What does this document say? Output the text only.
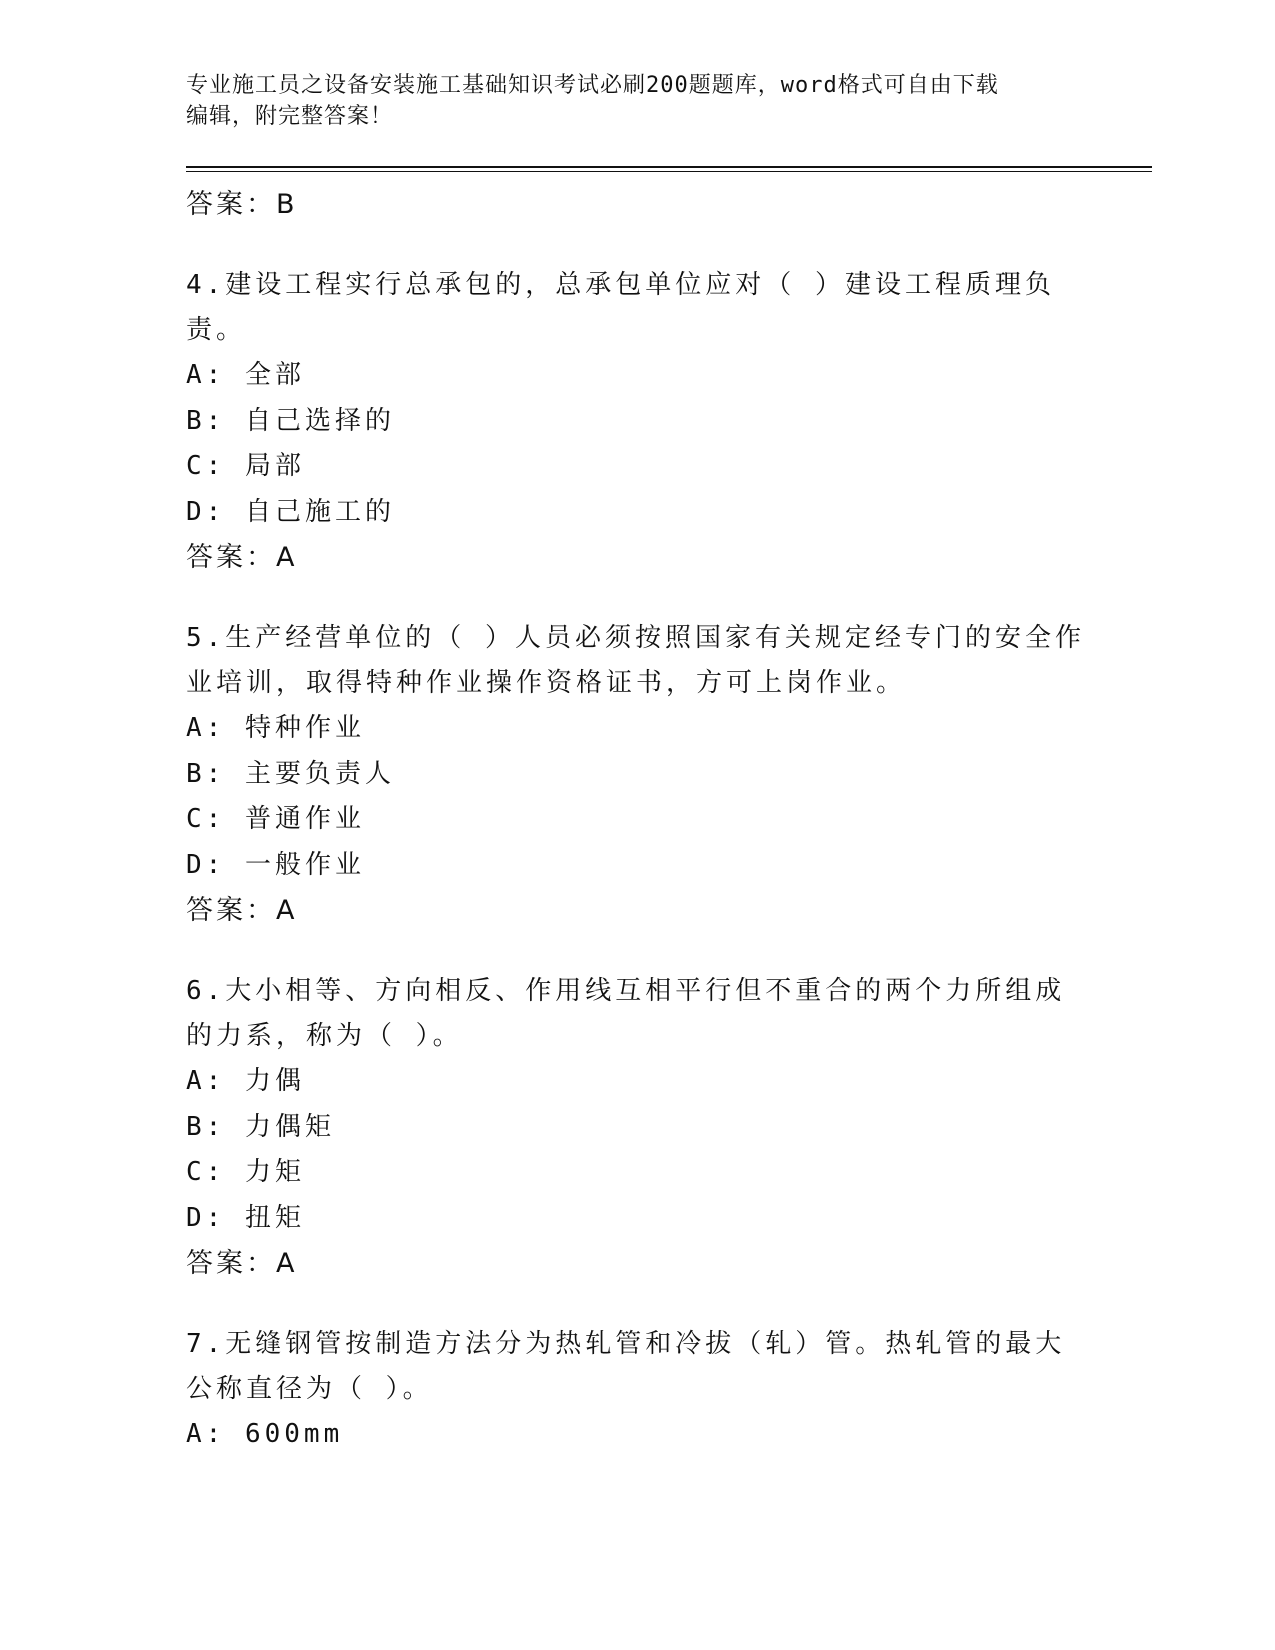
专业施工员之设备安装施工基础知识考试必刷200题题库，word格式可自由下载
编辑，附完整答案！
答案：B
4.建设工程实行总承包的，总承包单位应对（ ）建设工程质理负责。
A: 全部
B: 自己选择的
C: 局部
D: 自己施工的
答案：A
5.生产经营单位的（ ）人员必须按照国家有关规定经专门的安全作业培训，取得特种作业操作资格证书，方可上岗作业。
A: 特种作业
B: 主要负责人
C: 普通作业
D: 一般作业
答案：A
6.大小相等、方向相反、作用线互相平行但不重合的两个力所组成的力系，称为（ ）。
A: 力偶
B: 力偶矩
C: 力矩
D: 扭矩
答案：A
7.无缝钢管按制造方法分为热轧管和冷拔（轧）管。热轧管的最大公称直径为（ ）。
A: 600mm
